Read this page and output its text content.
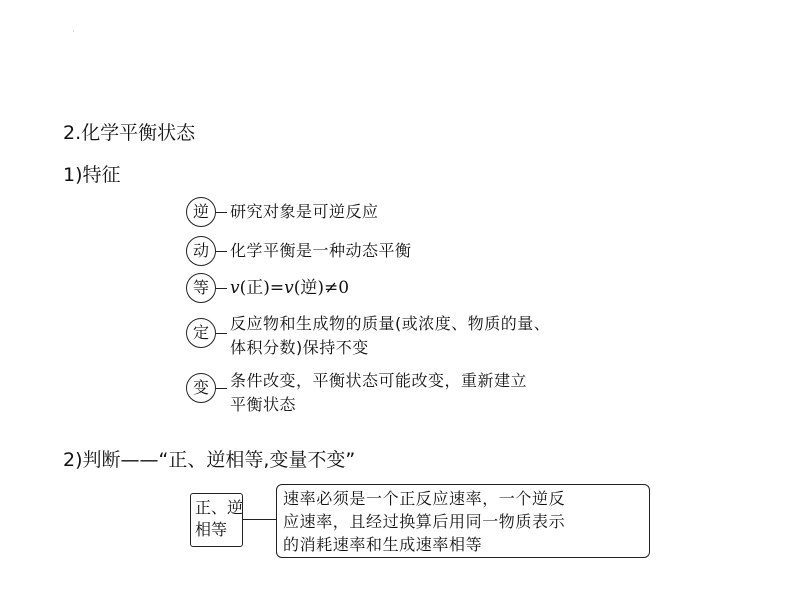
·
2.化学平衡状态
1)特征
逆	研究对象是可逆反应
动	化学平衡是一种动态平衡
等	v(正)=v(逆)≠0
定	反应物和生成物的质量(或浓度、物质的量、
体积分数)保持不变
变	条件改变，平衡状态可能改变，重新建立
平衡状态
2)判断——“正、逆相等,变量不变”
正、逆
相等
速率必须是一个正反应速率，一个逆反
应速率，且经过换算后用同一物质表示
的消耗速率和生成速率相等
